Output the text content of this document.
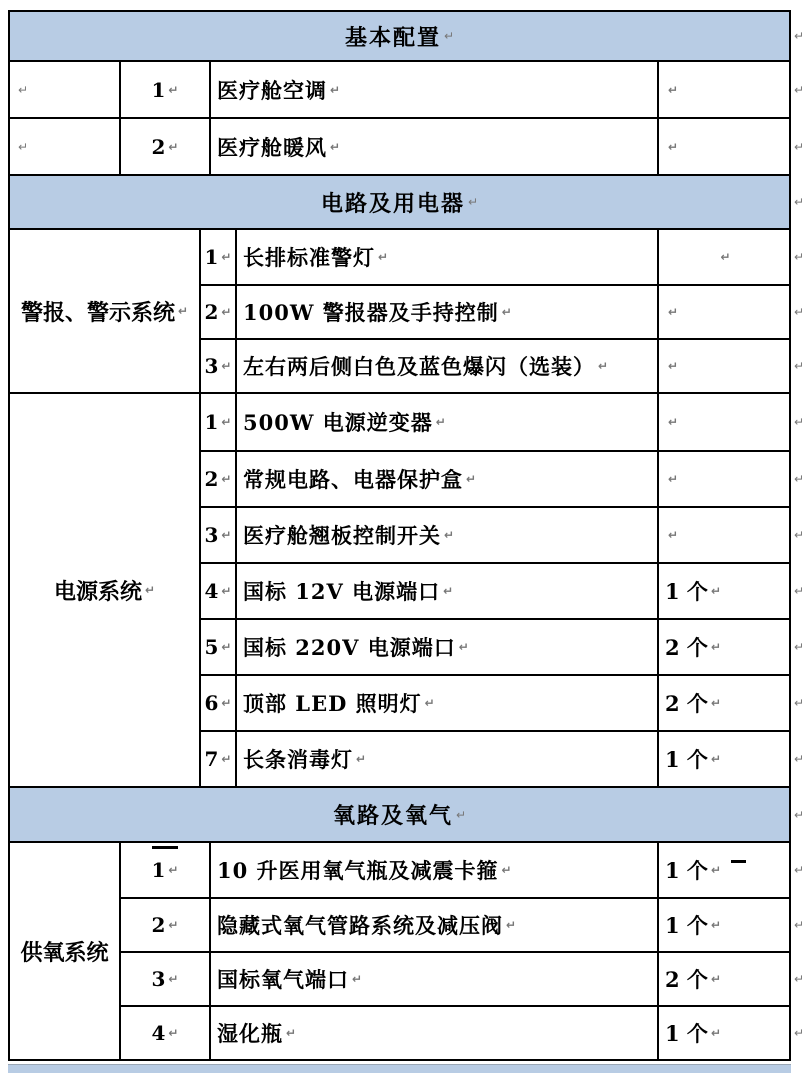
基本配置 ↵	↵
↵	1 ↵ 医疗舱空调 ↵	↵	↵
↵	2 ↵ 医疗舱暖风 ↵	↵	↵
电路及用电器 ↵	↵
警报、警示系统 ↵
1 ↵ 长排标准警灯 ↵	↵	↵
2 ↵ 100W 警报器及手持控制 ↵	↵	↵
3 ↵ 左右两后侧白色及蓝色爆闪（选装） ↵	↵	↵
电源系统 ↵
1 ↵ 500W 电源逆变器 ↵	↵	↵
2 ↵ 常规电路、电器保护盒 ↵	↵	↵
3 ↵ 医疗舱翘板控制开关 ↵	↵	↵
4 ↵ 国标 12V 电源端口 ↵	1 个 ↵	↵
5 ↵ 国标 220V 电源端口 ↵	2 个 ↵	↵
6 ↵ 顶部 LED 照明灯 ↵	2 个 ↵	↵
7 ↵ 长条消毒灯 ↵	1 个 ↵	↵
氧路及氧气 ↵	↵
供氧系统
1 ↵ 10 升医用氧气瓶及减震卡箍 ↵	1 个 ↵	↵
2 ↵ 隐藏式氧气管路系统及减压阀 ↵	1 个 ↵	↵
3 ↵ 国标氧气端口 ↵	2 个 ↵	↵
4 ↵ 湿化瓶 ↵	1 个 ↵	↵
